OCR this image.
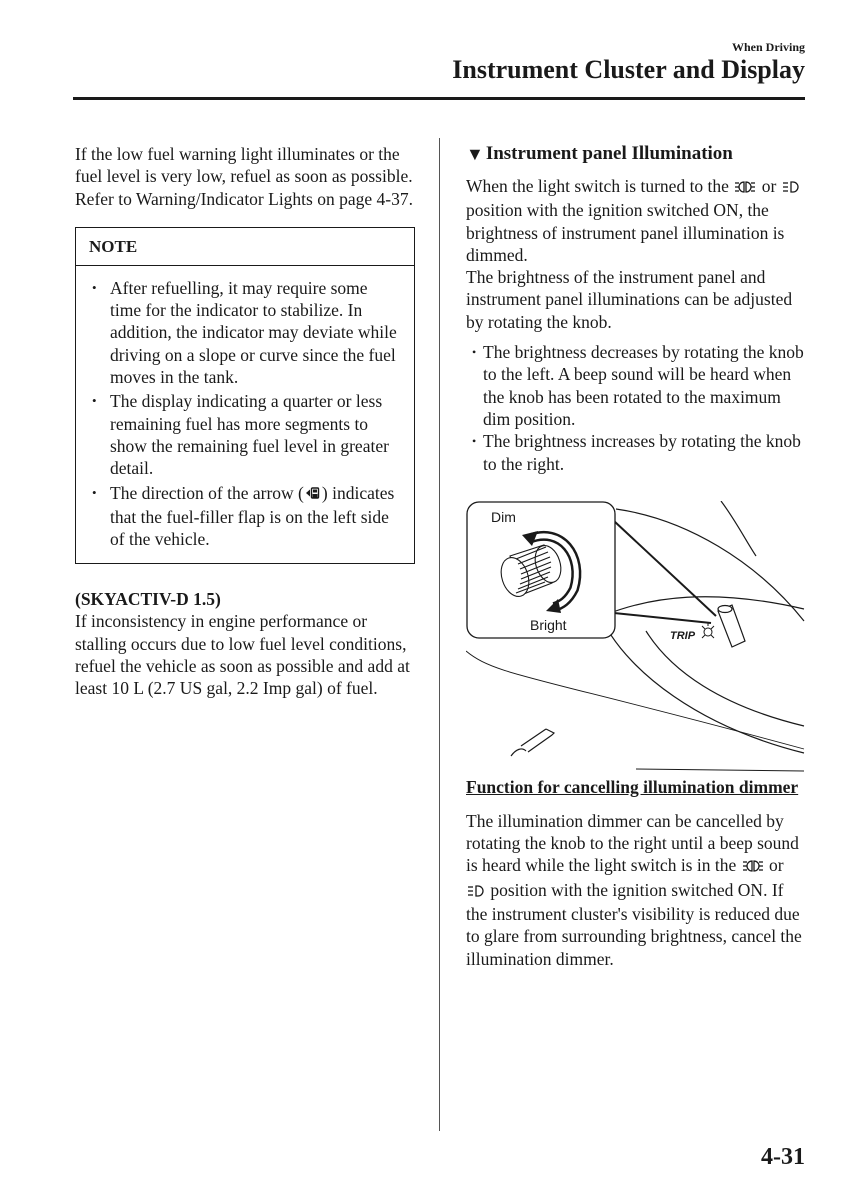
When Driving
Instrument Cluster and Display

If the low fuel warning light illuminates or the fuel level is very low, refuel as soon as possible.

Refer to Warning/Indicator Lights on page 4-37.

NOTE
• After refuelling, it may require some time for the indicator to stabilize. In addition, the indicator may deviate while driving on a slope or curve since the fuel moves in the tank.
• The display indicating a quarter or less remaining fuel has more segments to show the remaining fuel level in greater detail.
• The direction of the arrow ( ) indicates that the fuel-filler flap is on the left side of the vehicle.

(SKYACTIV-D 1.5)

If inconsistency in engine performance or stalling occurs due to low fuel level conditions, refuel the vehicle as soon as possible and add at least 10 L (2.7 US gal, 2.2 Imp gal) of fuel.

▼ Instrument panel Illumination

When the light switch is turned to the or  position with the ignition switched ON, the brightness of instrument panel illumination is dimmed.

The brightness of the instrument panel and instrument panel illuminations can be adjusted by rotating the knob.

• The brightness decreases by rotating the knob to the left. A beep sound will be heard when the knob has been rotated to the maximum dim position.
• The brightness increases by rotating the knob to the right.
TRIP
Dim
Bright

Function for cancelling illumination dimmer

The illumination dimmer can be cancelled by rotating the knob to the right until a beep sound is heard while the light switch is in the or  position with the ignition switched ON. If the instrument cluster's visibility is reduced due to glare from surrounding brightness, cancel the illumination dimmer.

4-31
